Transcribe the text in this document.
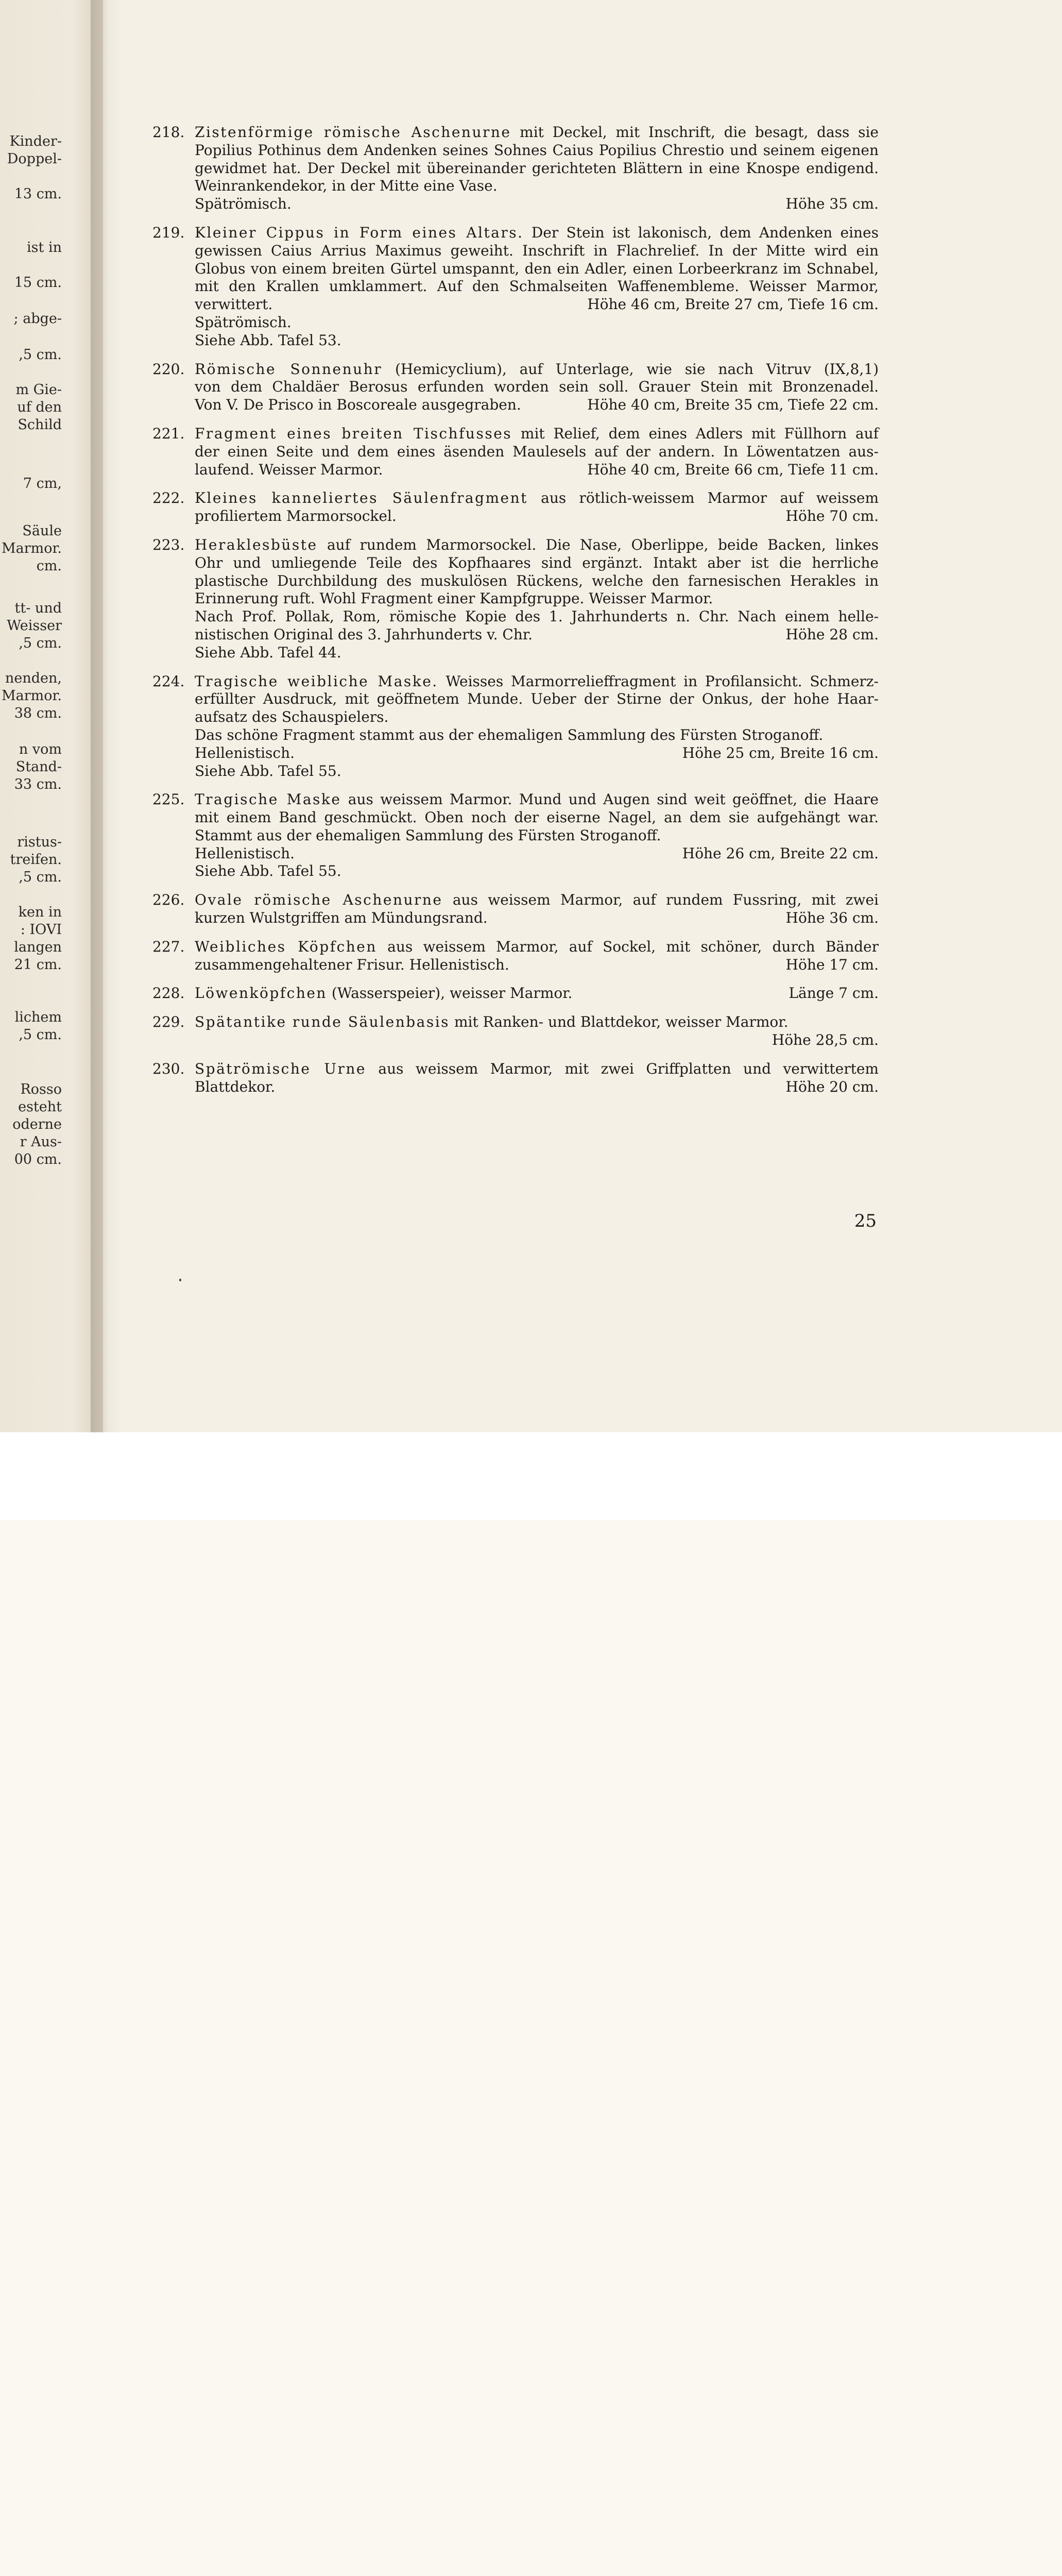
Kinder-
Doppel-
13 cm.
ist in
15 cm.
; abge-
,5 cm.
m Gie-
uf den
Schild
7 cm,
Säule
Marmor.
cm.
tt- und
Weisser
,5 cm.
nenden,
Marmor.
38 cm.
n vom
Stand-
33 cm.
ristus-
treifen.
,5 cm.
ken in
: IOVI
langen
21 cm.
lichem
,5 cm.
Rosso
esteht
oderne
r Aus-
00 cm.
218. Zistenförmige römische Aschenurne mit Deckel, mit Inschrift, die besagt, dass sie
Popilius Pothinus dem Andenken seines Sohnes Caius Popilius Chrestio und seinem eigenen
gewidmet hat. Der Deckel mit übereinander gerichteten Blättern in eine Knospe endigend.
Weinrankendekor, in der Mitte eine Vase.
Spätrömisch.	Höhe 35 cm.
219. Kleiner Cippus in Form eines Altars. Der Stein ist lakonisch, dem Andenken eines
gewissen Caius Arrius Maximus geweiht. Inschrift in Flachrelief. In der Mitte wird ein
Globus von einem breiten Gürtel umspannt, den ein Adler, einen Lorbeerkranz im Schnabel,
mit den Krallen umklammert. Auf den Schmalseiten Waffenembleme. Weisser Marmor,
verwittert.	Höhe 46 cm, Breite 27 cm, Tiefe 16 cm.
Spätrömisch.
Siehe Abb. Tafel 53.
220. Römische Sonnenuhr (Hemicyclium), auf Unterlage, wie sie nach Vitruv (IX,8,1)
von dem Chaldäer Berosus erfunden worden sein soll. Grauer Stein mit Bronzenadel.
Von V. De Prisco in Boscoreale ausgegraben.	Höhe 40 cm, Breite 35 cm, Tiefe 22 cm.
221. Fragment eines breiten Tischfusses mit Relief, dem eines Adlers mit Füllhorn auf
der einen Seite und dem eines äsenden Maulesels auf der andern. In Löwentatzen aus-
laufend. Weisser Marmor.	Höhe 40 cm, Breite 66 cm, Tiefe 11 cm.
222. Kleines kanneliertes Säulenfragment aus rötlich-weissem Marmor auf weissem
profiliertem Marmorsockel.	Höhe 70 cm.
223. Heraklesbüste auf rundem Marmorsockel. Die Nase, Oberlippe, beide Backen, linkes
Ohr und umliegende Teile des Kopfhaares sind ergänzt. Intakt aber ist die herrliche
plastische Durchbildung des muskulösen Rückens, welche den farnesischen Herakles in
Erinnerung ruft. Wohl Fragment einer Kampfgruppe. Weisser Marmor.
Nach Prof. Pollak, Rom, römische Kopie des 1. Jahrhunderts n. Chr. Nach einem helle-
nistischen Original des 3. Jahrhunderts v. Chr.	Höhe 28 cm.
Siehe Abb. Tafel 44.
224. Tragische weibliche Maske. Weisses Marmorrelieffragment in Profilansicht. Schmerz-
erfüllter Ausdruck, mit geöffnetem Munde. Ueber der Stirne der Onkus, der hohe Haar-
aufsatz des Schauspielers.
Das schöne Fragment stammt aus der ehemaligen Sammlung des Fürsten Stroganoff.
Hellenistisch.	Höhe 25 cm, Breite 16 cm.
Siehe Abb. Tafel 55.
225. Tragische Maske aus weissem Marmor. Mund und Augen sind weit geöffnet, die Haare
mit einem Band geschmückt. Oben noch der eiserne Nagel, an dem sie aufgehängt war.
Stammt aus der ehemaligen Sammlung des Fürsten Stroganoff.
Hellenistisch.	Höhe 26 cm, Breite 22 cm.
Siehe Abb. Tafel 55.
226. Ovale römische Aschenurne aus weissem Marmor, auf rundem Fussring, mit zwei
kurzen Wulstgriffen am Mündungsrand.	Höhe 36 cm.
227. Weibliches Köpfchen aus weissem Marmor, auf Sockel, mit schöner, durch Bänder
zusammengehaltener Frisur. Hellenistisch.	Höhe 17 cm.
228. Löwenköpfchen (Wasserspeier), weisser Marmor.	Länge 7 cm.
229. Spätantike runde Säulenbasis mit Ranken- und Blattdekor, weisser Marmor.
Höhe 28,5 cm.
230. Spätrömische Urne aus weissem Marmor, mit zwei Griffplatten und verwittertem
Blattdekor.	Höhe 20 cm.
25
